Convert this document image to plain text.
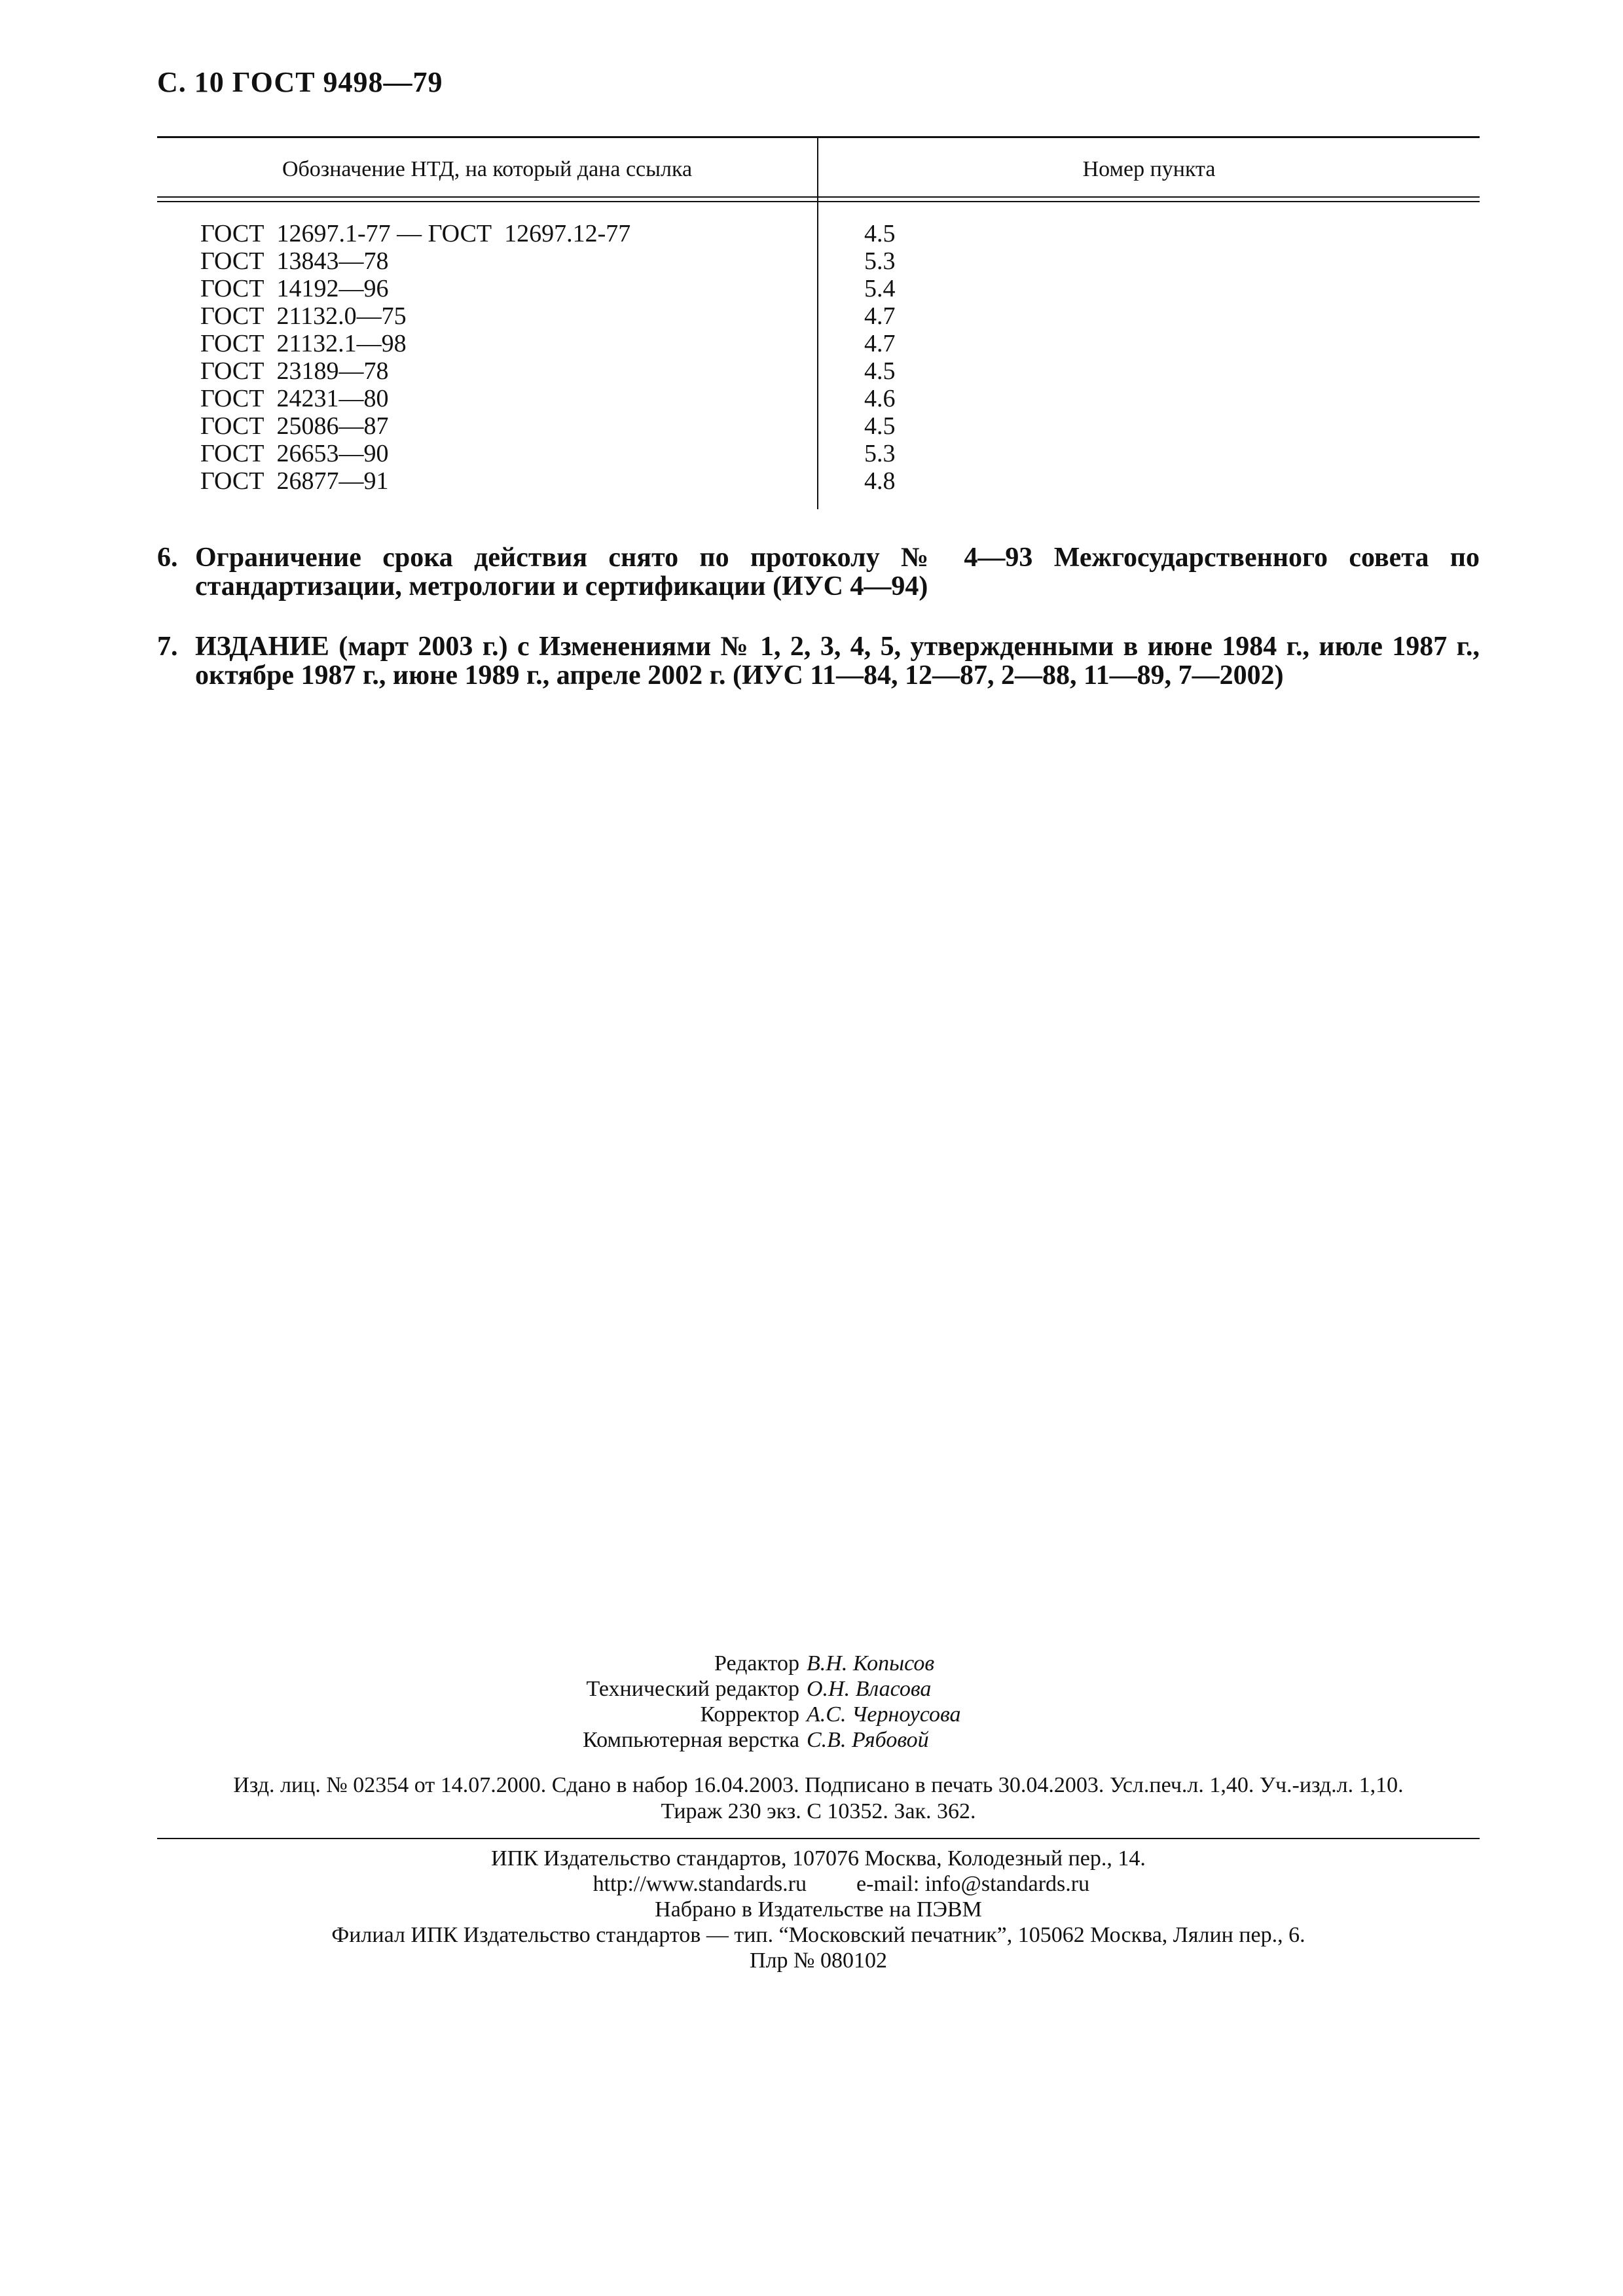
С. 10 ГОСТ 9498—79
Обозначение НТД, на который дана ссылка	Номер пункта
ГОСТ  12697.1-77 — ГОСТ  12697.12-77	4.5
ГОСТ  13843—78	5.3
ГОСТ  14192—96	5.4
ГОСТ  21132.0—75	4.7
ГОСТ  21132.1—98	4.7
ГОСТ  23189—78	4.5
ГОСТ  24231—80	4.6
ГОСТ  25086—87	4.5
ГОСТ  26653—90	5.3
ГОСТ  26877—91	4.8
6. Ограничение срока действия снято по протоколу № 4—93 Межгосударственного совета по стандартизации, метрологии и сертификации (ИУС 4—94)
7. ИЗДАНИЕ (март 2003 г.) с Изменениями № 1, 2, 3, 4, 5, утвержденными в июне 1984 г., июле 1987 г., октябре 1987 г., июне 1989 г., апреле 2002 г. (ИУС 11—84, 12—87, 2—88, 11—89, 7—2002)
Редактор В.Н. Копысов
Технический редактор О.Н. Власова
Корректор А.С. Черноусова
Компьютерная верстка С.В. Рябовой
Изд. лиц. № 02354 от 14.07.2000. Сдано в набор 16.04.2003. Подписано в печать 30.04.2003. Усл.печ.л. 1,40. Уч.-изд.л. 1,10.
Тираж 230 экз. С 10352. Зак. 362.
ИПК Издательство стандартов, 107076 Москва, Колодезный пер., 14.
http://www.standards.ru e-mail: info@standards.ru
Набрано в Издательстве на ПЭВМ
Филиал ИПК Издательство стандартов — тип. “Московский печатник”, 105062 Москва, Лялин пер., 6.
Плр № 080102
